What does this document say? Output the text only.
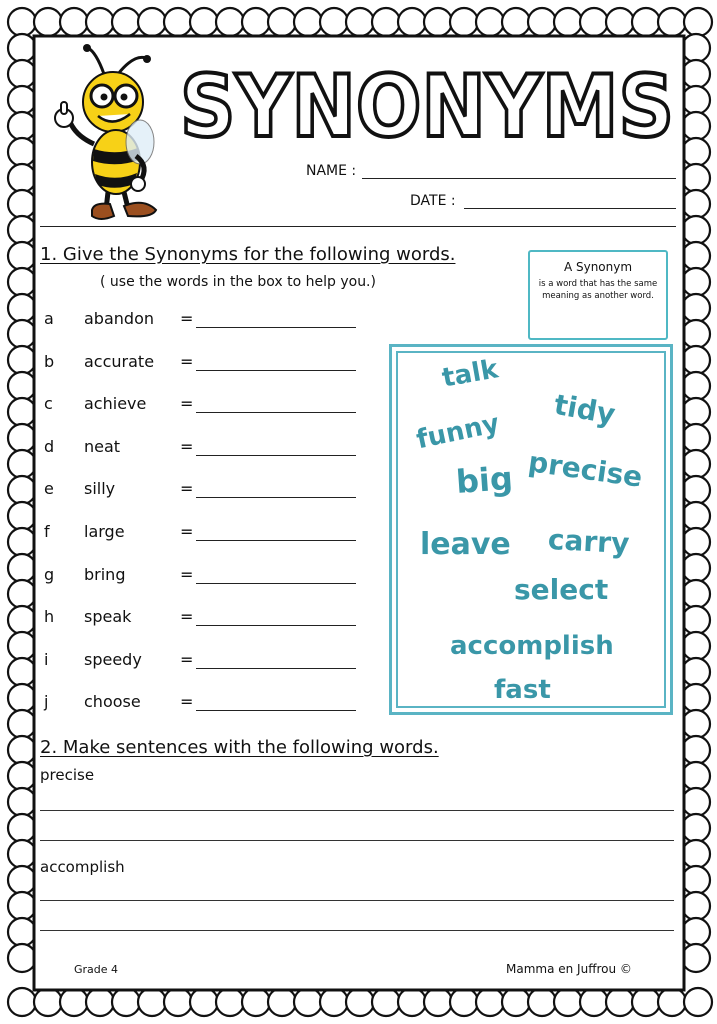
SYNONYMS
NAME :
DATE :
1. Give the Synonyms for the following words.
( use the words in the box to help you.)
a	abandon =
b	accurate =
c	achieve =
d	neat	=
e	silly	=
f	large	=
g	bring	=
h	speak	=
i	speedy =
j	choose =
A Synonym
is a word that has the same meaning as another word.
talk
tidy
funny
precise
big
leave carry
select
accomplish
fast
2. Make sentences with the following words.
precise
accomplish
Grade 4	Mamma en Juffrou ©
